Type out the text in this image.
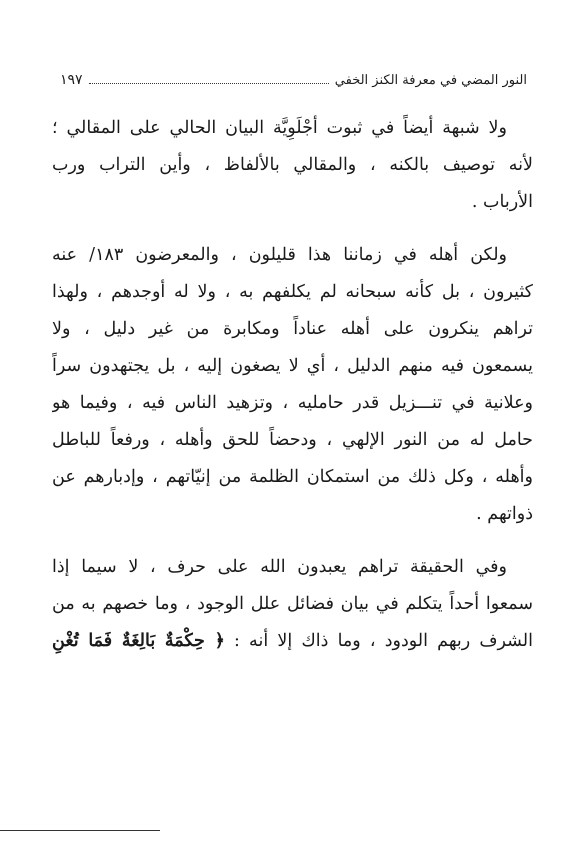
النور المضي في معرفة الكنز الخفي
١٩٧
ولا شبهة أيضاً في ثبوت أجْلَوِيَّة البيان الحالي على المقالي ؛
لأنه توصيف بالكنه ، والمقالي بالألفاظ ، وأين التراب ورب
الأرباب .
ولكن أهله في زماننا هذا قليلون ، والمعرضون ١٨٣/ عنه
كثيرون ، بل كأنه سبحانه لم يكلفهم به ، ولا له أوجدهم ، ولهذا
تراهم ينكرون على أهله عناداً ومكابرة من غير دليل ، ولا
يسمعون فيه منهم الدليل ، أي لا يصغون إليه ، بل يجتهدون سراً
وعلانية في تنـــزيل قدر حامليه ، وتزهيد الناس فيه ، وفيما هو
حامل له من النور الإلهي ، ودحضاً للحق وأهله ، ورفعاً للباطل
وأهله ، وكل ذلك من استمكان الظلمة من إنيّاتهم ، وإدبارهم عن
ذواتهم .
وفي الحقيقة تراهم يعبدون الله على حرف ، لا سيما إذا
سمعوا أحداً يتكلم في بيان فضائل علل الوجود ، وما خصهم به من
الشرف ربهم الودود ، وما ذاك إلا أنه : ﴿ حِكْمَةٌ بَالِغَةٌ فَمَا تُغْنِ
